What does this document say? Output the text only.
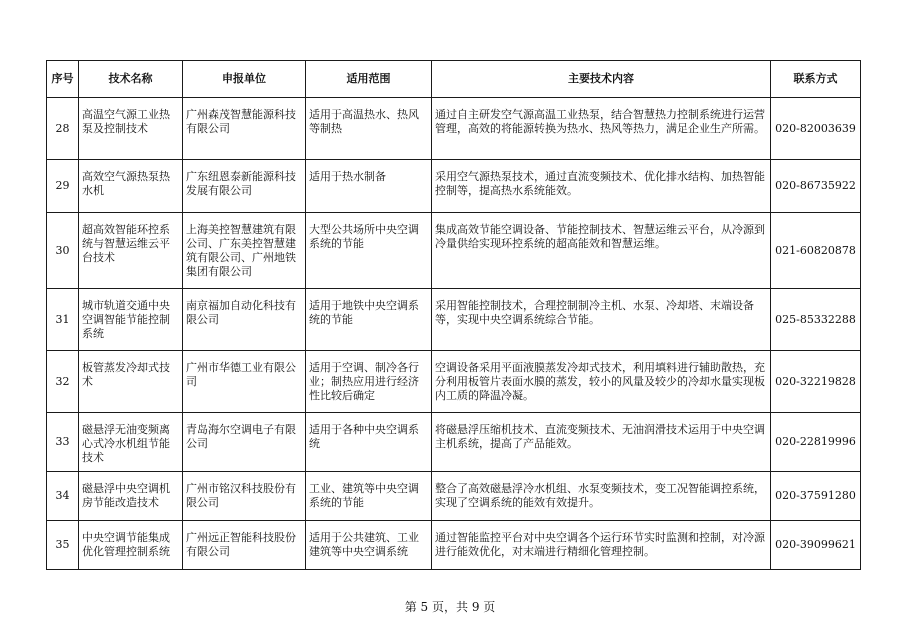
序号	技术名称	申报单位	适用范围	主要技术内容	联系方式
28	高温空气源工业热泵及控制技术	广州森茂智慧能源科技有限公司	适用于高温热水、热风等制热	通过自主研发空气源高温工业热泵，结合智慧热力控制系统进行运营管理，高效的将能源转换为热水、热风等热力，满足企业生产所需。	020-82003639
29	高效空气源热泵热水机	广东纽恩泰新能源科技发展有限公司	适用于热水制备	采用空气源热泵技术，通过直流变频技术、优化排水结构、加热智能控制等，提高热水系统能效。	020-86735922
30	超高效智能环控系统与智慧运维云平台技术	上海美控智慧建筑有限公司、广东美控智慧建筑有限公司、广州地铁集团有限公司	大型公共场所中央空调系统的节能	集成高效节能空调设备、节能控制技术、智慧运维云平台，从冷源到冷量供给实现环控系统的超高能效和智慧运维。	021-60820878
31	城市轨道交通中央空调智能节能控制系统	南京福加自动化科技有限公司	适用于地铁中央空调系统的节能	采用智能控制技术，合理控制制冷主机、水泵、冷却塔、末端设备等，实现中央空调系统综合节能。	025-85332288
32	板管蒸发冷却式技术	广州市华德工业有限公司	适用于空调、制冷各行业；制热应用进行经济性比较后确定	空调设备采用平面液膜蒸发冷却式技术，利用填料进行辅助散热，充分利用板管片表面水膜的蒸发，较小的风量及较少的冷却水量实现板内工质的降温冷凝。	020-32219828
33	磁悬浮无油变频离心式冷水机组节能技术	青岛海尔空调电子有限公司	适用于各种中央空调系统	将磁悬浮压缩机技术、直流变频技术、无油润滑技术运用于中央空调主机系统，提高了产品能效。	020-22819996
34	磁悬浮中央空调机房节能改造技术	广州市铭汉科技股份有限公司	工业、建筑等中央空调系统的节能	整合了高效磁悬浮冷水机组、水泵变频技术，变工况智能调控系统，实现了空调系统的能效有效提升。	020-37591280
35	中央空调节能集成优化管理控制系统	广州远正智能科技股份有限公司	适用于公共建筑、工业建筑等中央空调系统	通过智能监控平台对中央空调各个运行环节实时监测和控制，对冷源进行能效优化，对末端进行精细化管理控制。	020-39099621
第 5 页，共 9 页
